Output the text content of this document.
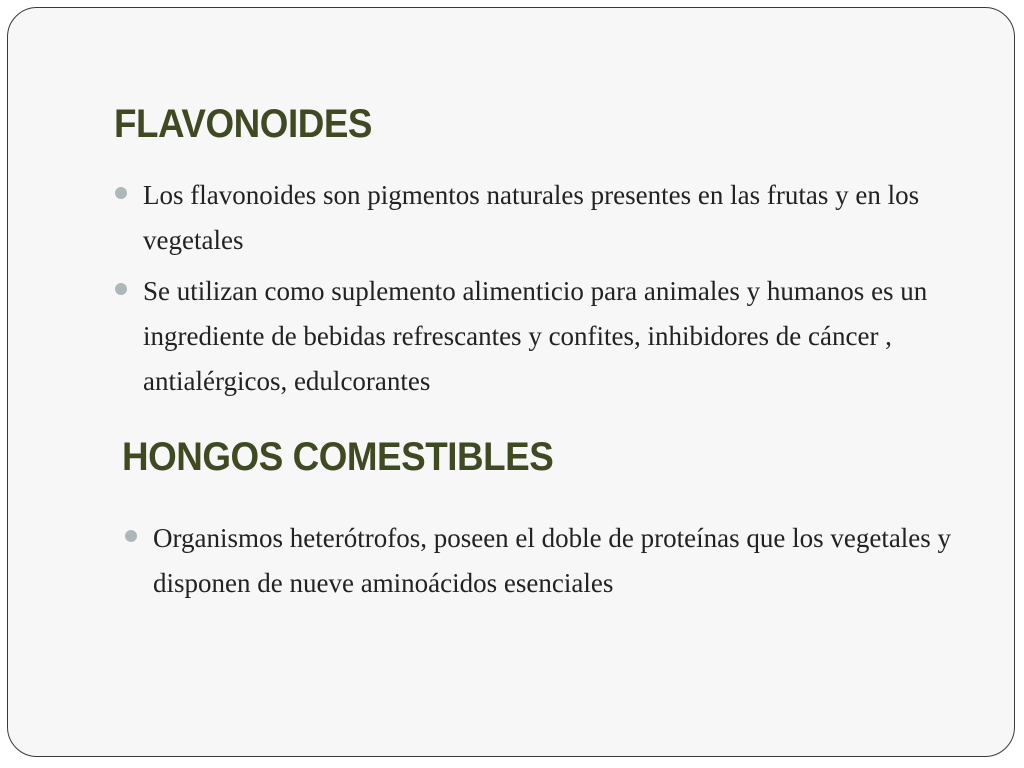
FLAVONOIDES
Los flavonoides son pigmentos naturales presentes en las frutas y en los vegetales
Se utilizan como suplemento alimenticio para animales y humanos es un ingrediente de bebidas refrescantes y confites, inhibidores de cáncer , antialérgicos, edulcorantes
HONGOS COMESTIBLES
Organismos heterótrofos, poseen el doble de proteínas que los vegetales y disponen de nueve aminoácidos esenciales
